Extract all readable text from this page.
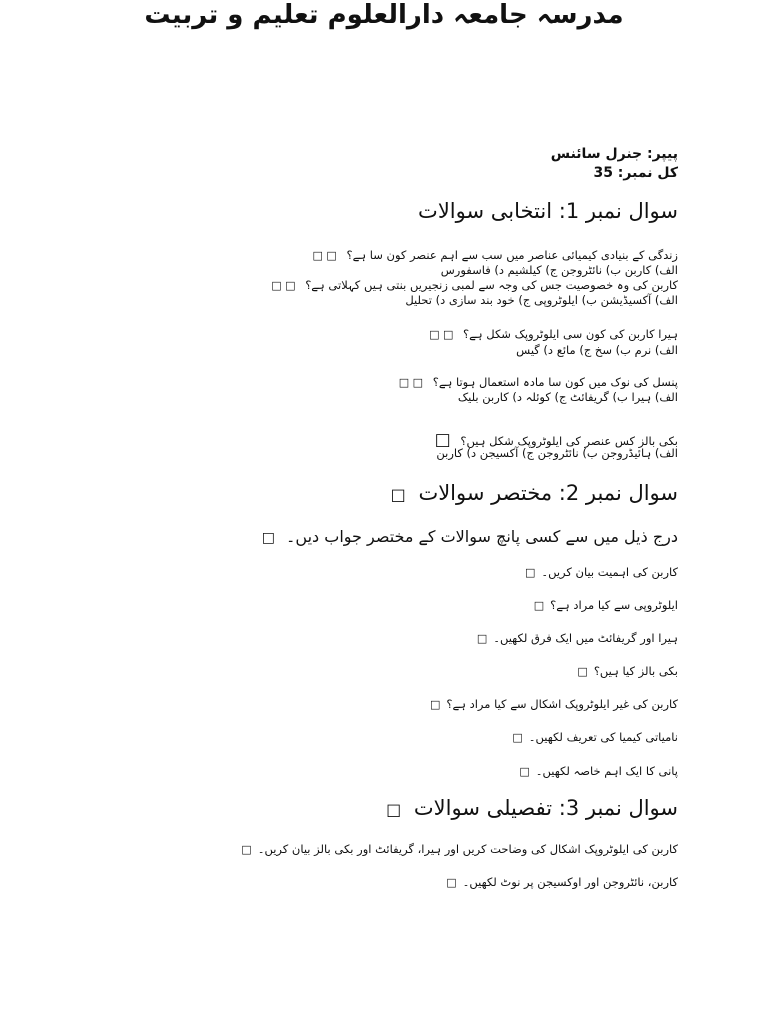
مدرسہ جامعہ دارالعلوم تعلیم و تربیت
پیپر: جنرل سائنس
کل نمبر: 35
سوال نمبر 1: انتخابی سوالات
زندگی کے بنیادی کیمیائی عناصر میں سب سے اہم عنصر کون سا ہے؟ □ □
الف) کاربن ب) نائٹروجن ج) کیلشیم د) فاسفورس
کاربن کی وہ خصوصیت جس کی وجہ سے لمبی زنجیریں بنتی ہیں کہلاتی ہے؟ □ □
الف) آکسیڈیشن ب) ایلوٹروپی ج) خود بند سازی د) تحلیل
ہیرا کاربن کی کون سی ایلوٹروپک شکل ہے؟ □ □
الف) نرم ب) سخ ج) مائع د) گیس
پنسل کی نوک میں کون سا مادہ استعمال ہوتا ہے؟ □ □
الف) ہیرا ب) گریفائٹ ج) کوئلہ د) کاربن بلیک
بکی بالز کس عنصر کی ایلوٹروپک شکل ہیں؟ □
الف) ہائیڈروجن ب) نائٹروجن ج) آکسیجن د) کاربن
سوال نمبر 2: مختصر سوالات □
درج ذیل میں سے کسی پانچ سوالات کے مختصر جواب دیں۔ □
کاربن کی اہمیت بیان کریں۔□
ایلوٹروپی سے کیا مراد ہے؟□
ہیرا اور گریفائٹ میں ایک فرق لکھیں۔□
بکی بالز کیا ہیں؟□
کاربن کی غیر ایلوٹروپک اشکال سے کیا مراد ہے؟□
نامیاتی کیمیا کی تعریف لکھیں۔□
پانی کا ایک اہم خاصہ لکھیں۔□
سوال نمبر 3: تفصیلی سوالات □
کاربن کی ایلوٹروپک اشکال کی وضاحت کریں اور ہیرا، گریفائٹ اور بکی بالز بیان کریں۔□
کاربن، نائٹروجن اور اوکسیجن پر نوٹ لکھیں۔□
